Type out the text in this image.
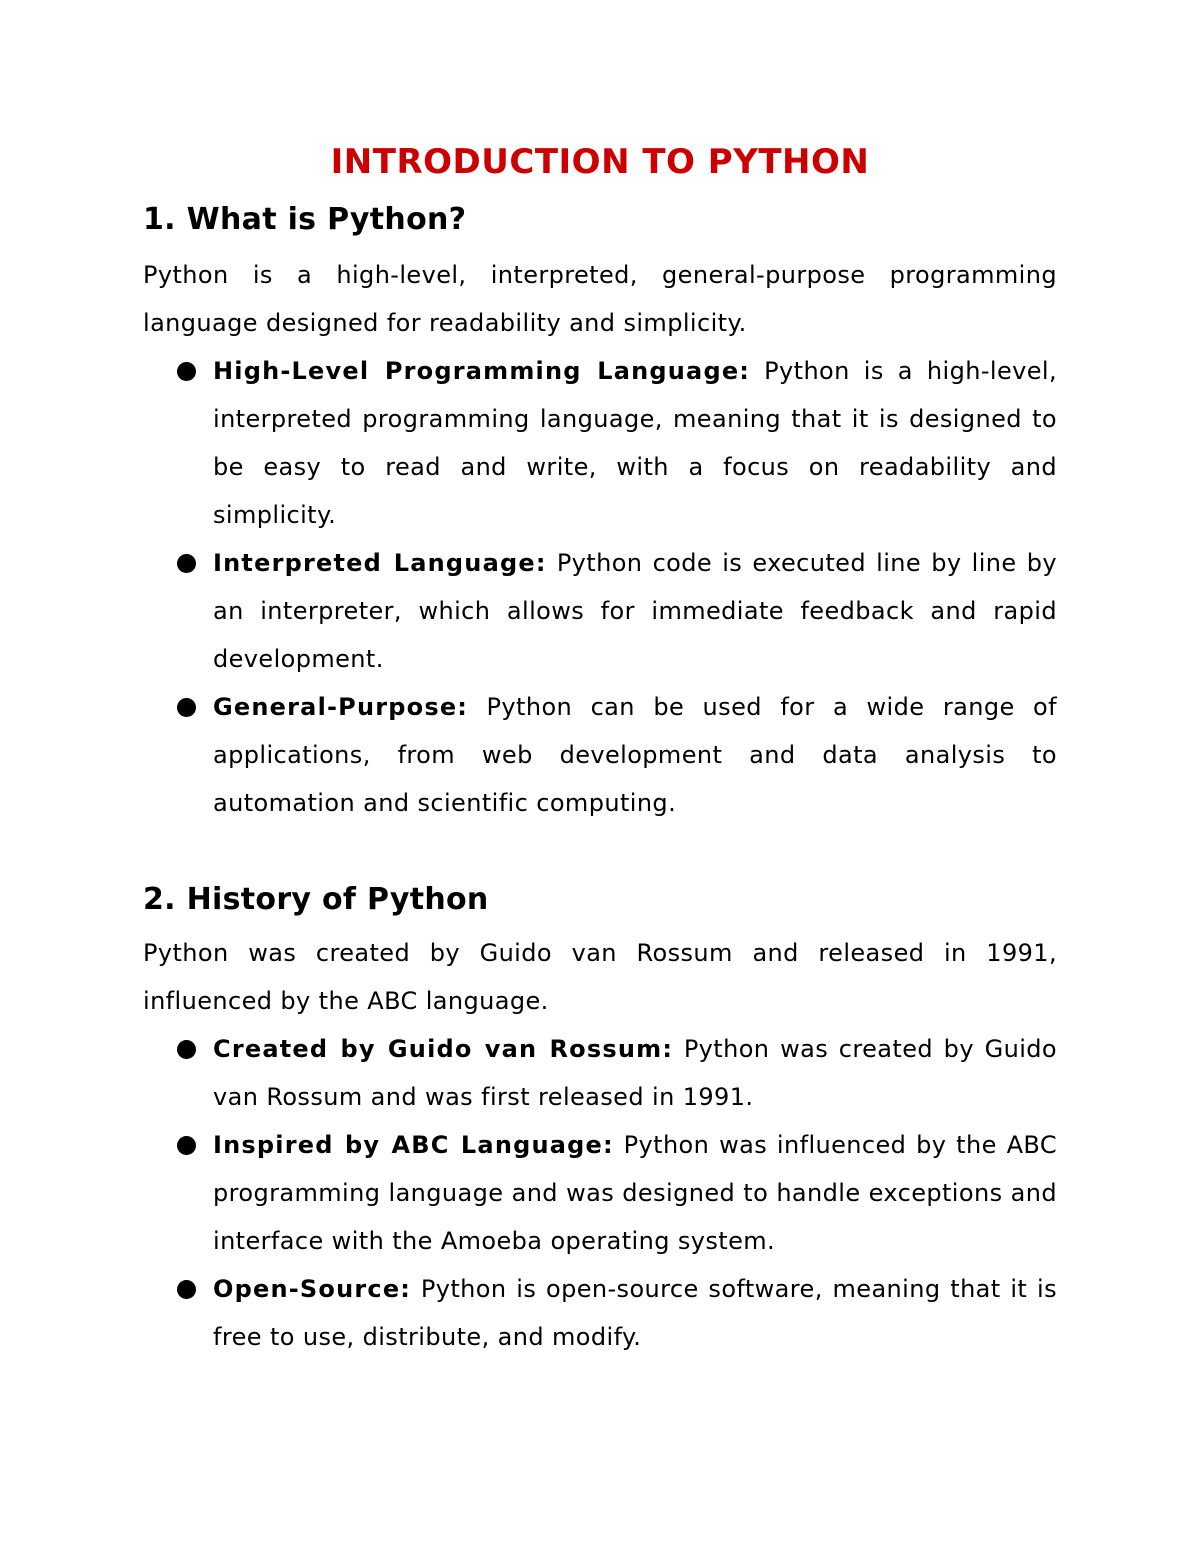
INTRODUCTION TO PYTHON
1. What is Python?

Python is a high-level, interpreted, general-purpose programming language designed for readability and simplicity.

High-Level Programming Language: Python is a high-level, interpreted programming language, meaning that it is designed to be easy to read and write, with a focus on readability and simplicity.
Interpreted Language: Python code is executed line by line by an interpreter, which allows for immediate feedback and rapid development.
General-Purpose: Python can be used for a wide range of applications, from web development and data analysis to automation and scientific computing.
2. History of Python

Python was created by Guido van Rossum and released in 1991, influenced by the ABC language.

Created by Guido van Rossum: Python was created by Guido van Rossum and was first released in 1991.
Inspired by ABC Language: Python was influenced by the ABC programming language and was designed to handle exceptions and interface with the Amoeba operating system.
Open-Source: Python is open-source software, meaning that it is free to use, distribute, and modify.
